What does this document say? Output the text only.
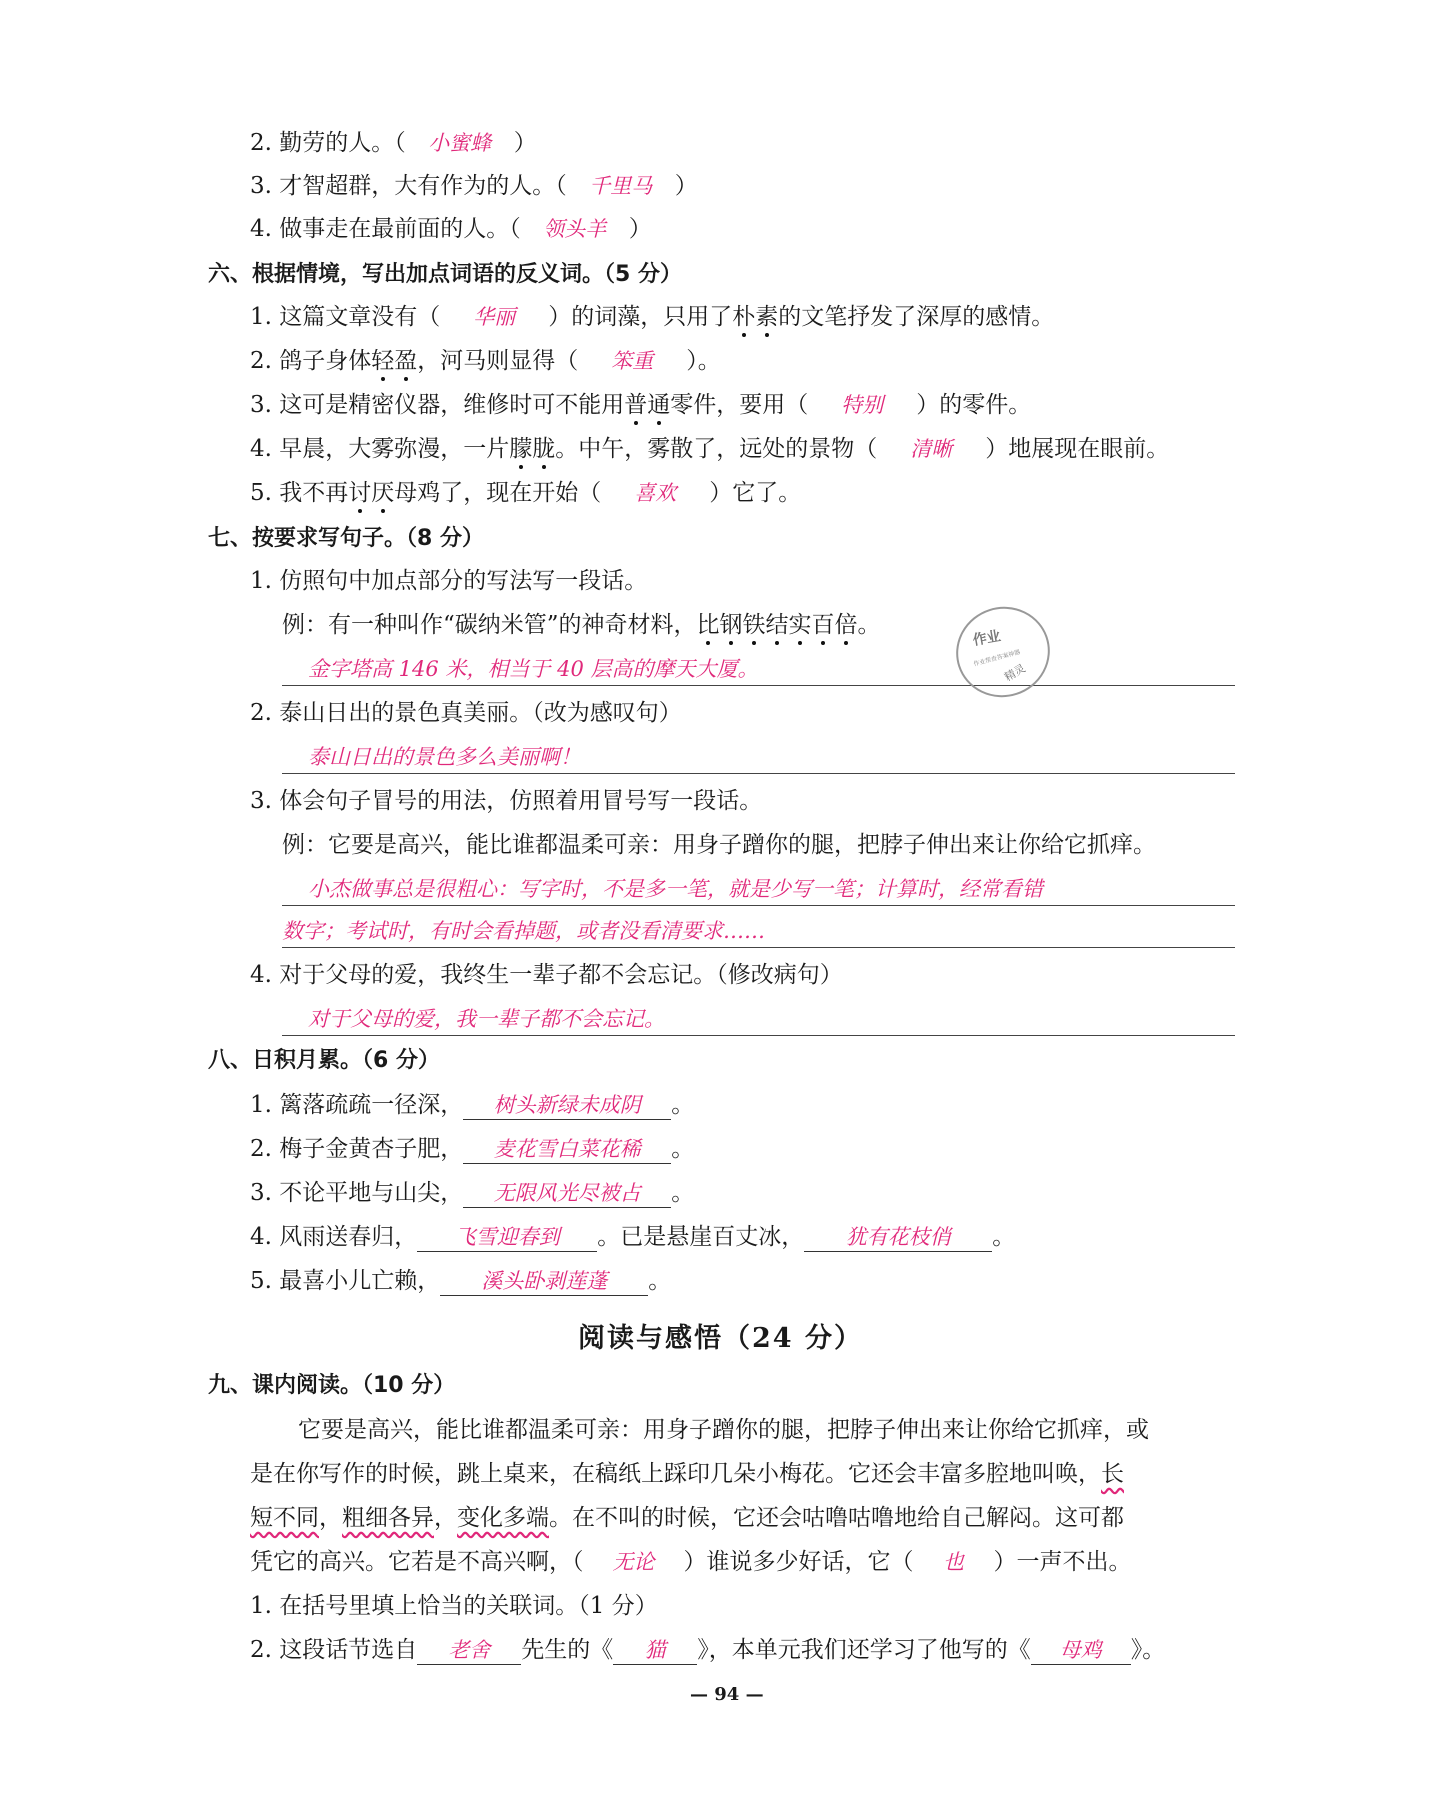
2. 勤劳的人。（ 小蜜蜂 ）
3. 才智超群，大有作为的人。（ 千里马 ）
4. 做事走在最前面的人。（ 领头羊 ）
六、根据情境，写出加点词语的反义词。（5 分）
1. 这篇文章没有（ 华丽 ）的词藻，只用了朴素的文笔抒发了深厚的感情。
2. 鸽子身体轻盈，河马则显得（ 笨重 ）。
3. 这可是精密仪器，维修时可不能用普通零件，要用（ 特别 ）的零件。
4. 早晨，大雾弥漫，一片朦胧。中午，雾散了，远处的景物（ 清晰 ）地展现在眼前。
5. 我不再讨厌母鸡了，现在开始（ 喜欢 ）它了。
七、按要求写句子。（8 分）
1. 仿照句中加点部分的写法写一段话。
例：有一种叫作“碳纳米管”的神奇材料，比钢铁结实百倍。
金字塔高 146 米，相当于 40 层高的摩天大厦。
2. 泰山日出的景色真美丽。（改为感叹句）
泰山日出的景色多么美丽啊！
3. 体会句子冒号的用法，仿照着用冒号写一段话。
例：它要是高兴，能比谁都温柔可亲：用身子蹭你的腿，把脖子伸出来让你给它抓痒。
小杰做事总是很粗心：写字时，不是多一笔，就是少写一笔；计算时，经常看错
数字；考试时，有时会看掉题，或者没看清要求……
4. 对于父母的爱，我终生一辈子都不会忘记。（修改病句）
对于父母的爱，我一辈子都不会忘记。
八、日积月累。（6 分）
1. 篱落疏疏一径深， 树头新绿未成阴 。
2. 梅子金黄杏子肥， 麦花雪白菜花稀 。
3. 不论平地与山尖， 无限风光尽被占 。
4. 风雨送春归， 飞雪迎春到 。已是悬崖百丈冰， 犹有花枝俏 。
5. 最喜小儿亡赖， 溪头卧剥莲蓬 。
阅读与感悟（24 分）
九、课内阅读。（10 分）
它要是高兴，能比谁都温柔可亲：用身子蹭你的腿，把脖子伸出来让你给它抓痒，或
是在你写作的时候，跳上桌来，在稿纸上踩印几朵小梅花。它还会丰富多腔地叫唤，长
短不同，粗细各异，变化多端。在不叫的时候，它还会咕噜咕噜地给自己解闷。这可都
凭它的高兴。它若是不高兴啊，（ 无论 ）谁说多少好话，它（ 也 ）一声不出。
1. 在括号里填上恰当的关联词。（1 分）
2. 这段话节选自 老舍 先生的《 猫 》，本单元我们还学习了他写的《 母鸡 》。
— 94 —
作业
作业帮查答案神器
精灵
